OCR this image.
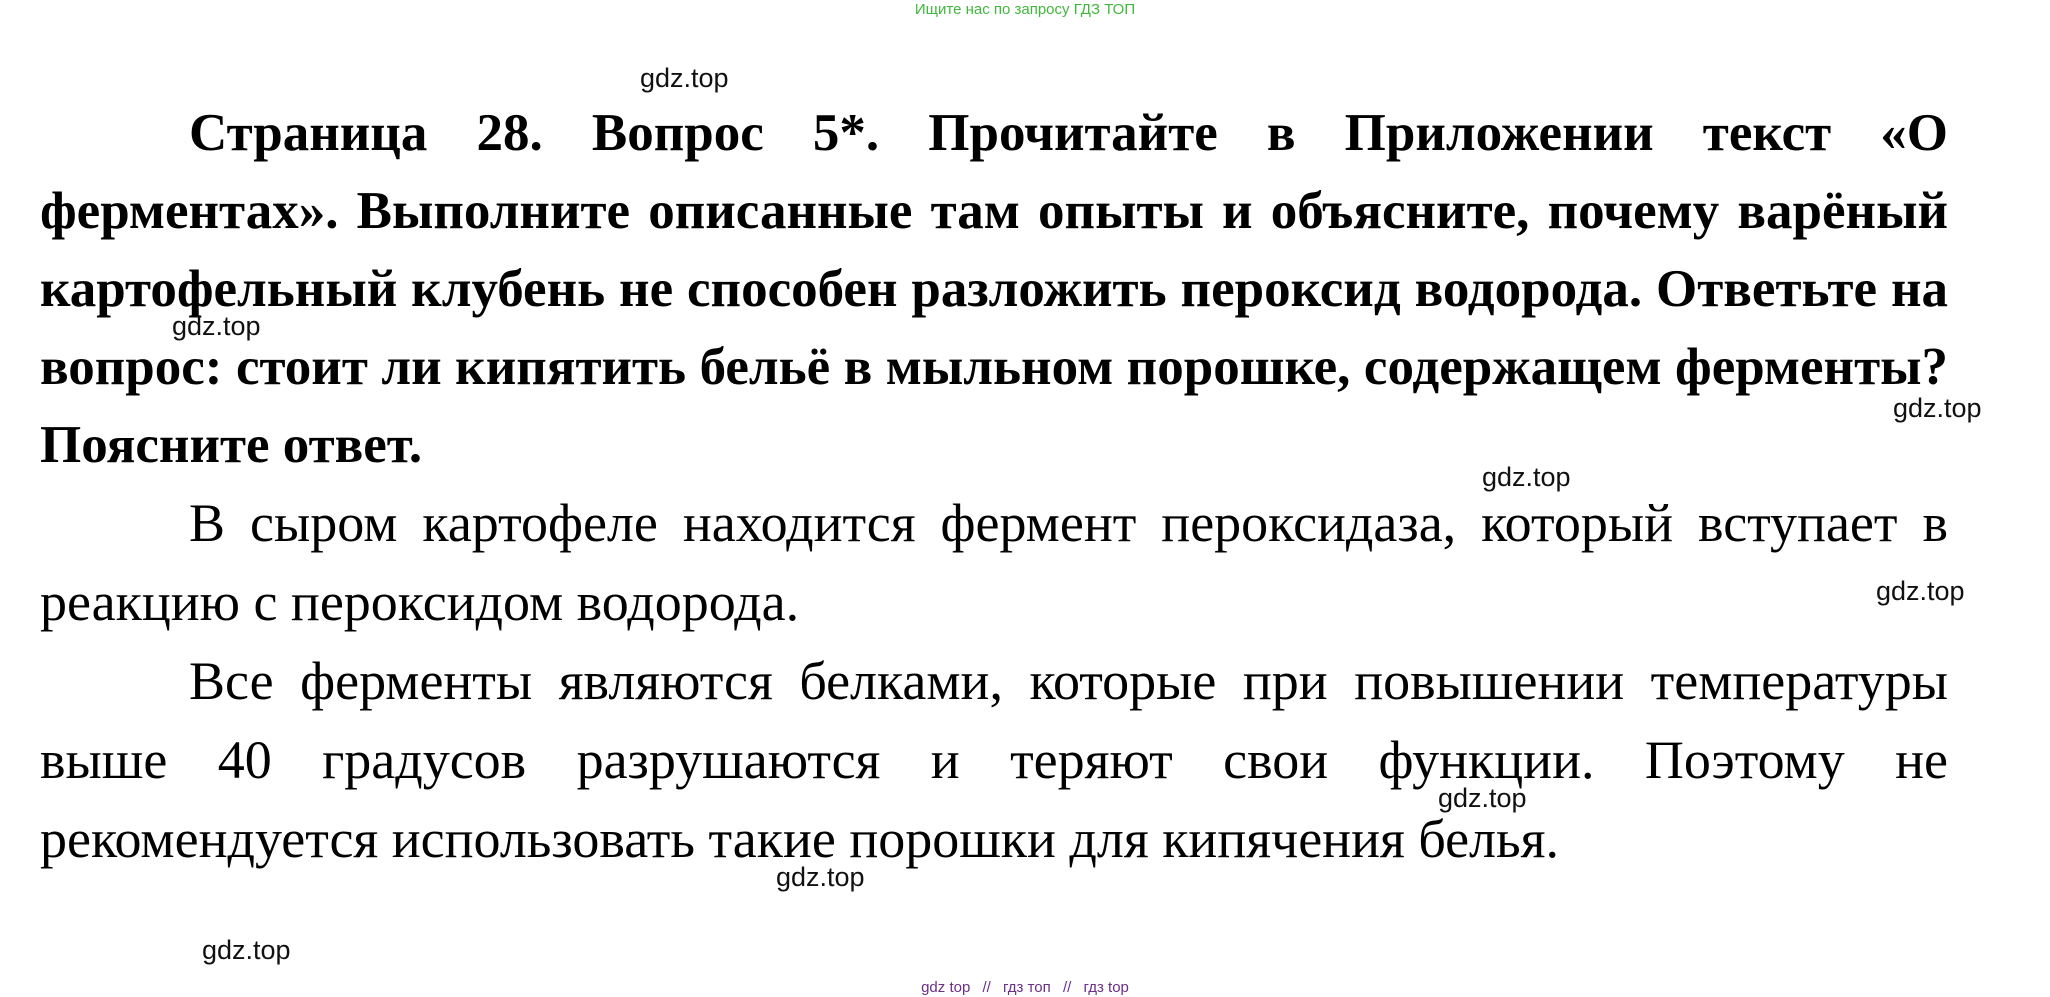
Ищите нас по запросу ГДЗ ТОП

Страница 28. Вопрос 5*. Прочитайте в Приложении текст «О ферментах». Выполните описанные там опыты и объясните, почему варёный картофельный клубень не способен разложить пероксид водорода. Ответьте на вопрос: стоит ли кипятить бельё в мыльном порошке, содержащем ферменты? Поясните ответ.

В сыром картофеле находится фермент пероксидаза, который вступает в реакцию с пероксидом водорода.

Все ферменты являются белками, которые при повышении температуры выше 40 градусов разрушаются и теряют свои функции. Поэтому не рекомендуется использовать такие порошки для кипячения белья.

gdz.top
gdz.top
gdz.top
gdz.top
gdz.top
gdz.top
gdz.top
gdz.top
gdz top // гдз топ // гдз top
